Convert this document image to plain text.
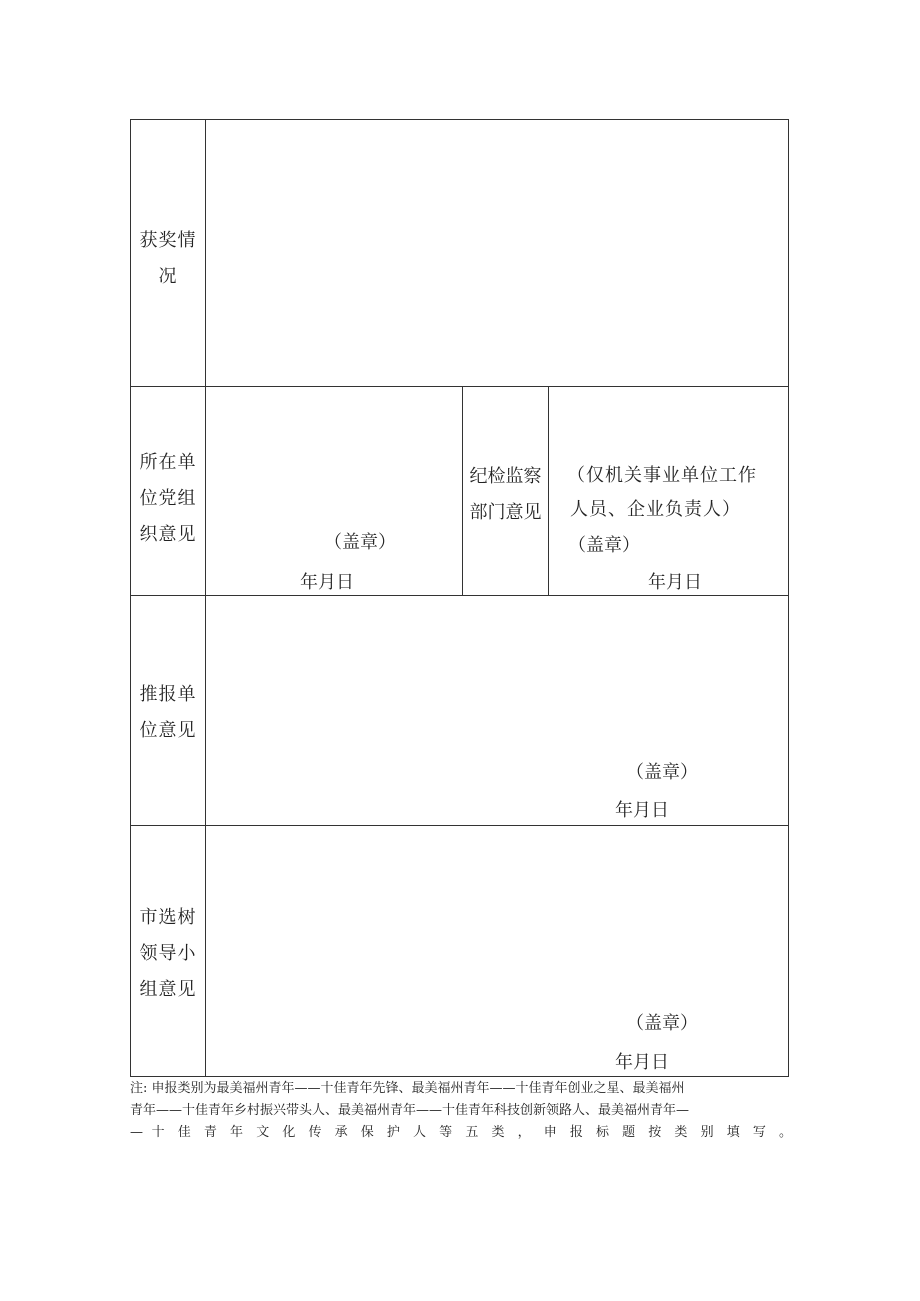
获奖情
况
所在单
位党组
织意见	（盖章）
年月日
纪检监察
部门意见
（仅机关事业单位工作
人员、企业负责人）
（盖章）
年月日
推报单
位意见
（盖章）
年月日
市选树
领导小
组意见
（盖章）
年月日
注: 申报类别为最美福州青年——十佳青年先锋、最美福州青年——十佳青年创业之星、最美福州
青年——十佳青年乡村振兴带头人、最美福州青年——十佳青年科技创新领路人、最美福州青年—
— 十 佳 青 年 文 化 传 承 保 护 人 等 五 类 ， 申 报 标 题 按 类 别 填 写 。
